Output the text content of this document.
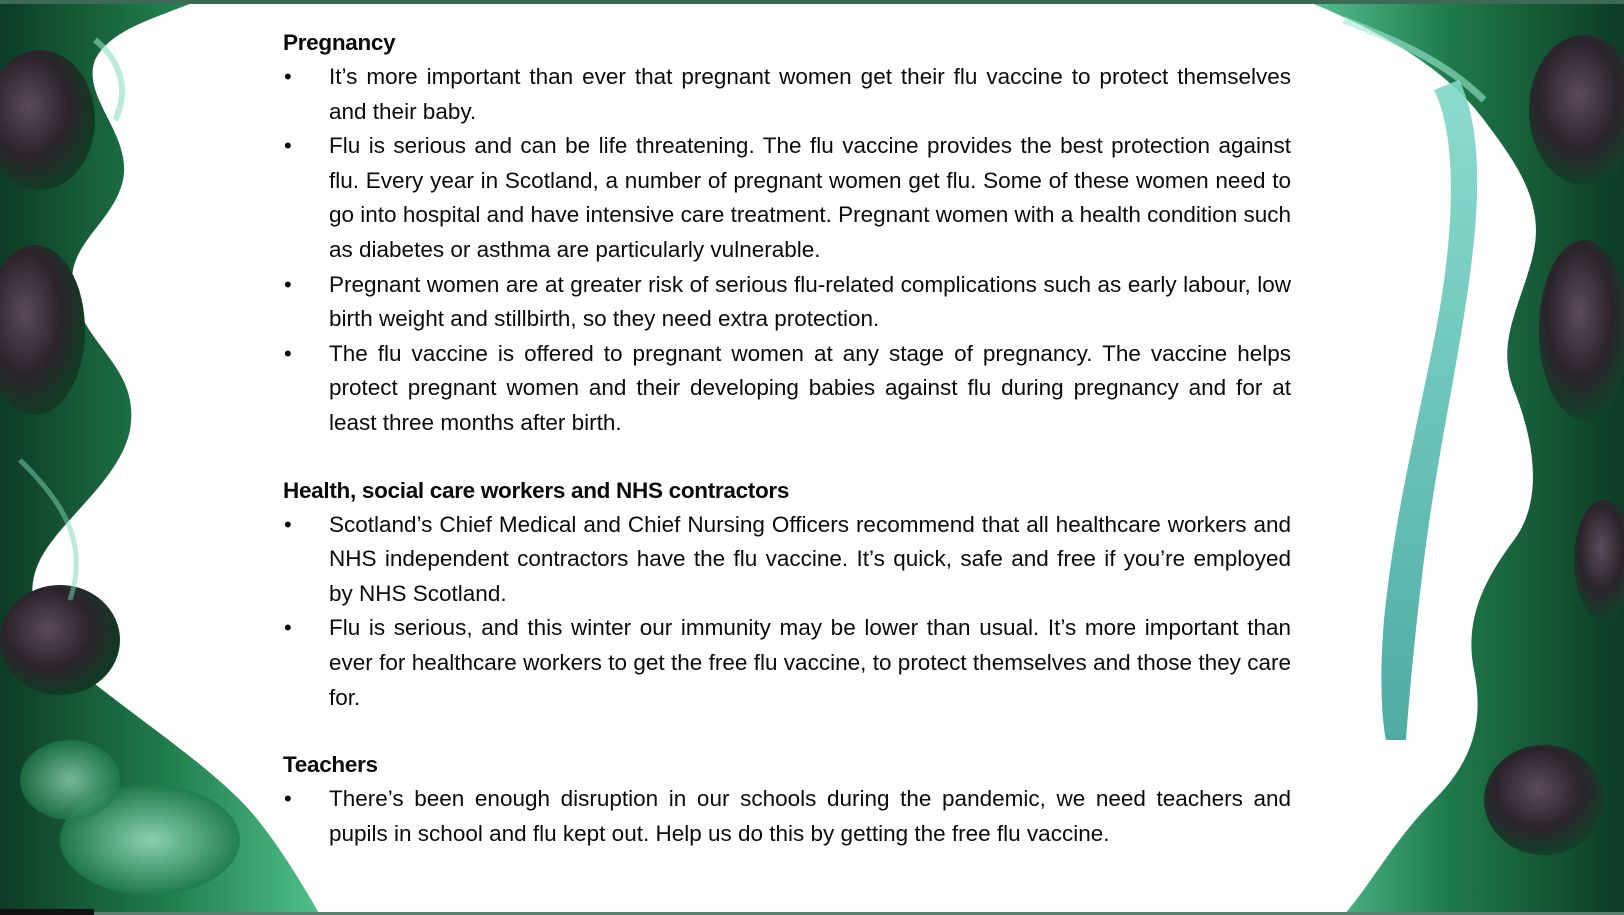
Pregnancy
• It’s more important than ever that pregnant women get their flu vaccine to protect themselves and their baby.
• Flu is serious and can be life threatening. The flu vaccine provides the best protection against flu. Every year in Scotland, a number of pregnant women get flu. Some of these women need to go into hospital and have intensive care treatment. Pregnant women with a health condition such as diabetes or asthma are particularly vulnerable.
• Pregnant women are at greater risk of serious flu-related complications such as early labour, low birth weight and stillbirth, so they need extra protection.
• The flu vaccine is offered to pregnant women at any stage of pregnancy. The vaccine helps protect pregnant women and their developing babies against flu during pregnancy and for at least three months after birth.
Health, social care workers and NHS contractors
• Scotland’s Chief Medical and Chief Nursing Officers recommend that all healthcare workers and NHS independent contractors have the flu vaccine. It’s quick, safe and free if you’re employed by NHS Scotland.
• Flu is serious, and this winter our immunity may be lower than usual. It’s more important than ever for healthcare workers to get the free flu vaccine, to protect themselves and those they care for.
Teachers
• There’s been enough disruption in our schools during the pandemic, we need teachers and pupils in school and flu kept out. Help us do this by getting the free flu vaccine.
